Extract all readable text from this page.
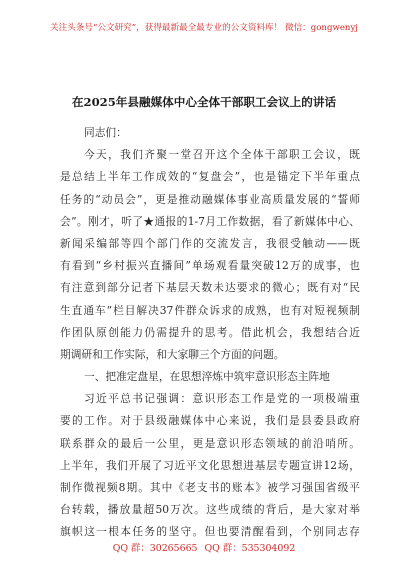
关注头条号“公文研究”，获得最新最全最专业的公文资料库！ 微信：gongwenyj
在2025年县融媒体中心全体干部职工会议上的讲话
同志们：
今天，我们齐聚一堂召开这个全体干部职工会议，既
是总结上半年工作成效的“复盘会”，也是锚定下半年重点
任务的“动员会”，更是推动融媒体事业高质量发展的“誓师
会”。刚才，听了★通报的1-7月工作数据，看了新媒体中心、
新闻采编部等四个部门作的交流发言，我很受触动——既
有看到“乡村振兴直播间”单场观看量突破12万的成事，也
有注意到部分记者下基层天数未达要求的微心；既有对“民
生直通车”栏目解决37件群众诉求的成熟，也有对短视频制
作团队原创能力仍需提升的思考。借此机会，我想结合近
期调研和工作实际，和大家聊三个方面的问题。
一、把准定盘星，在思想淬炼中筑牢意识形态主阵地
习近平总书记强调：意识形态工作是党的一项极端重
要的工作。对于县级融媒体中心来说，我们是县委县政府
联系群众的最后一公里，更是意识形态领域的前沿哨所。
上半年，我们开展了习近平文化思想进基层专题宣讲12场，
制作微视频8期。其中《老支书的账本》被学习强国省级平
台转载，播放量超50万次。这些成绩的背后，是大家对举
旗帜这一根本任务的坚守。但也要清醒看到，个别同志存
QQ 群：30265665 QQ 群：535304092
